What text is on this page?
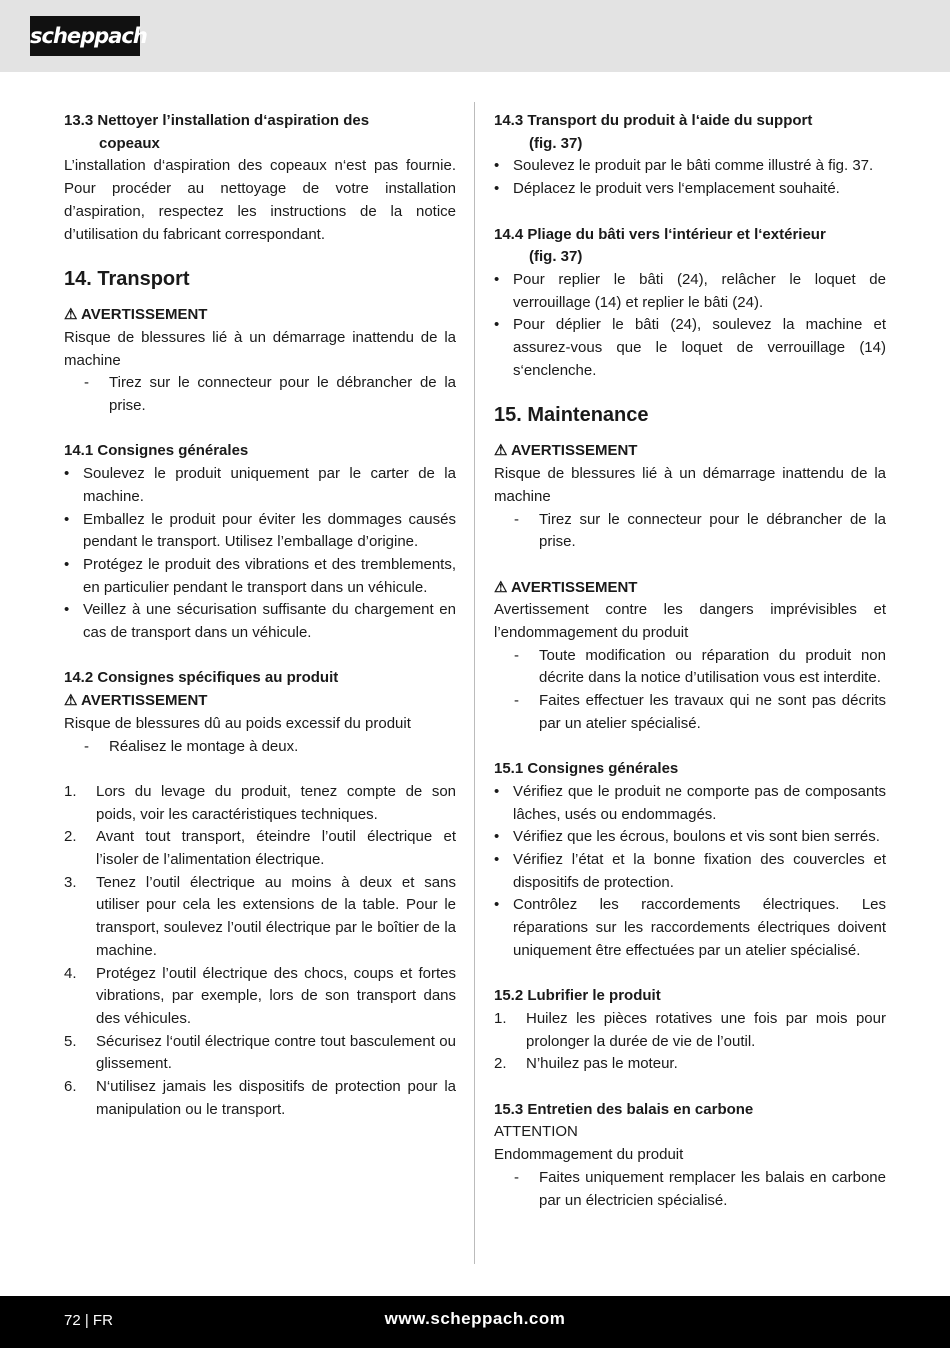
scheppach
13.3 Nettoyer l’installation d‘aspiration des
copeaux

L’installation d‘aspiration des copeaux n‘est pas fournie. Pour procéder au nettoyage de votre installation d’aspiration, respectez les instructions de la notice d’utilisation du fabricant correspondant.

14. Transport
⚠ AVERTISSEMENT

Risque de blessures lié à un démarrage inattendu de la machine

- Tirez sur le connecteur pour le débrancher de la prise.
14.1 Consignes générales
• Soulevez le produit uniquement par le carter de la machine.
• Emballez le produit pour éviter les dommages causés pendant le transport. Utilisez l’emballage d’origine.
• Protégez le produit des vibrations et des tremblements, en particulier pendant le transport dans un véhicule.
• Veillez à une sécurisation suffisante du chargement en cas de transport dans un véhicule.
14.2 Consignes spécifiques au produit
⚠ AVERTISSEMENT

Risque de blessures dû au poids excessif du produit

- Réalisez le montage à deux.
1. Lors du levage du produit, tenez compte de son poids, voir les caractéristiques techniques.
2. Avant tout transport, éteindre l’outil électrique et l’isoler de l’alimentation électrique.
3. Tenez l’outil électrique au moins à deux et sans utiliser pour cela les extensions de la table. Pour le transport, soulevez l’outil électrique par le boîtier de la machine.
4. Protégez l’outil électrique des chocs, coups et fortes vibrations, par exemple, lors de son transport dans des véhicules.
5. Sécurisez l‘outil électrique contre tout basculement ou glissement.
6. N‘utilisez jamais les dispositifs de protection pour la manipulation ou le transport.
14.3 Transport du produit à l‘aide du support
(fig. 37)
• Soulevez le produit par le bâti comme illustré à fig. 37.
• Déplacez le produit vers l‘emplacement souhaité.
14.4 Pliage du bâti vers l‘intérieur et l‘extérieur
(fig. 37)
• Pour replier le bâti (24), relâcher le loquet de verrouillage (14) et replier le bâti (24).
• Pour déplier le bâti (24), soulevez la machine et assurez-vous que le loquet de verrouillage (14) s‘enclenche.
15. Maintenance
⚠ AVERTISSEMENT

Risque de blessures lié à un démarrage inattendu de la machine

- Tirez sur le connecteur pour le débrancher de la prise.
⚠ AVERTISSEMENT

Avertissement contre les dangers imprévisibles et l’endommagement du produit

- Toute modification ou réparation du produit non décrite dans la notice d’utilisation vous est interdite.
- Faites effectuer les travaux qui ne sont pas décrits par un atelier spécialisé.
15.1 Consignes générales
• Vérifiez que le produit ne comporte pas de composants lâches, usés ou endommagés.
• Vérifiez que les écrous, boulons et vis sont bien serrés.
• Vérifiez l’état et la bonne fixation des couvercles et dispositifs de protection.
• Contrôlez les raccordements électriques. Les réparations sur les raccordements électriques doivent uniquement être effectuées par un atelier spécialisé.
15.2 Lubrifier le produit
1. Huilez les pièces rotatives une fois par mois pour prolonger la durée de vie de l’outil.
2. N’huilez pas le moteur.
15.3 Entretien des balais en carbone

ATTENTION

Endommagement du produit

- Faites uniquement remplacer les balais en carbone par un électricien spécialisé.
72 | FR	www.scheppach.com
